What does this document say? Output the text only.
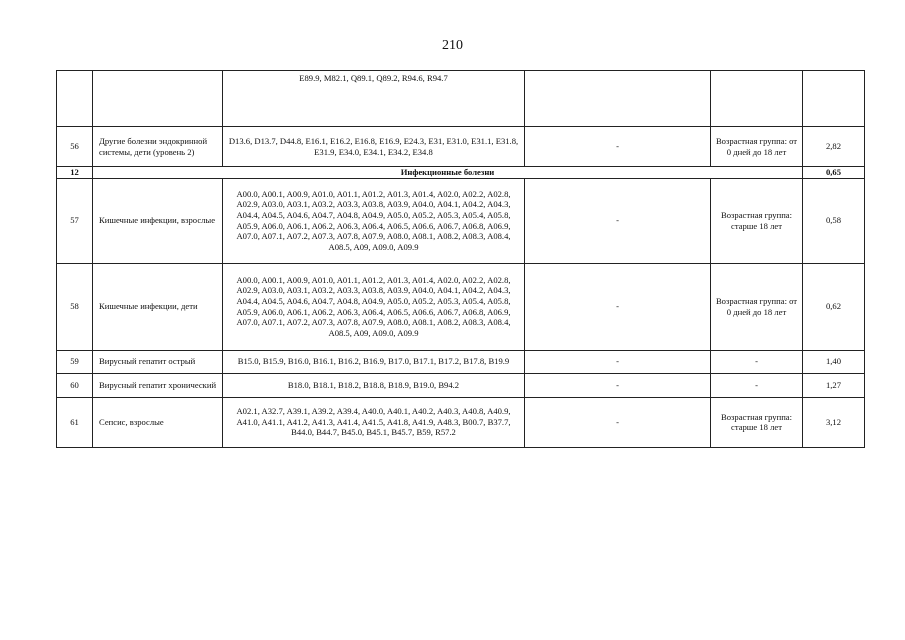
210
		E89.9, M82.1, Q89.1, Q89.2, R94.6, R94.7			
56	Другие болезни эндокринной системы, дети (уровень 2)	D13.6, D13.7, D44.8, E16.1, E16.2, E16.8, E16.9, E24.3, E31, E31.0, E31.1, E31.8, E31.9, E34.0, E34.1, E34.2, E34.8	-	Возрастная группа: от 0 дней до 18 лет	2,82
12	Инфекционные болезни				0,65
57	Кишечные инфекции, взрослые	A00.0, A00.1, A00.9, A01.0, A01.1, A01.2, A01.3, A01.4, A02.0, A02.2, A02.8, A02.9, A03.0, A03.1, A03.2, A03.3, A03.8, A03.9, A04.0, A04.1, A04.2, A04.3, A04.4, A04.5, A04.6, A04.7, A04.8, A04.9, A05.0, A05.2, A05.3, A05.4, A05.8, A05.9, A06.0, A06.1, A06.2, A06.3, A06.4, A06.5, A06.6, A06.7, A06.8, A06.9, A07.0, A07.1, A07.2, A07.3, A07.8, A07.9, A08.0, A08.1, A08.2, A08.3, A08.4, A08.5, A09, A09.0, A09.9	-	Возрастная группа: старше 18 лет	0,58
58	Кишечные инфекции, дети	A00.0, A00.1, A00.9, A01.0, A01.1, A01.2, A01.3, A01.4, A02.0, A02.2, A02.8, A02.9, A03.0, A03.1, A03.2, A03.3, A03.8, A03.9, A04.0, A04.1, A04.2, A04.3, A04.4, A04.5, A04.6, A04.7, A04.8, A04.9, A05.0, A05.2, A05.3, A05.4, A05.8, A05.9, A06.0, A06.1, A06.2, A06.3, A06.4, A06.5, A06.6, A06.7, A06.8, A06.9, A07.0, A07.1, A07.2, A07.3, A07.8, A07.9, A08.0, A08.1, A08.2, A08.3, A08.4, A08.5, A09, A09.0, A09.9	-	Возрастная группа: от 0 дней до 18 лет	0,62
59	Вирусный гепатит острый	B15.0, B15.9, B16.0, B16.1, B16.2, B16.9, B17.0, B17.1, B17.2, B17.8, B19.9	-	-	1,40
60	Вирусный гепатит хронический	B18.0, B18.1, B18.2, B18.8, B18.9, B19.0, B94.2	-	-	1,27
61	Сепсис, взрослые	A02.1, A32.7, A39.1, A39.2, A39.4, A40.0, A40.1, A40.2, A40.3, A40.8, A40.9, A41.0, A41.1, A41.2, A41.3, A41.4, A41.5, A41.8, A41.9, A48.3, B00.7, B37.7, B44.0, B44.7, B45.0, B45.1, B45.7, B59, R57.2	-	Возрастная группа: старше 18 лет	3,12
